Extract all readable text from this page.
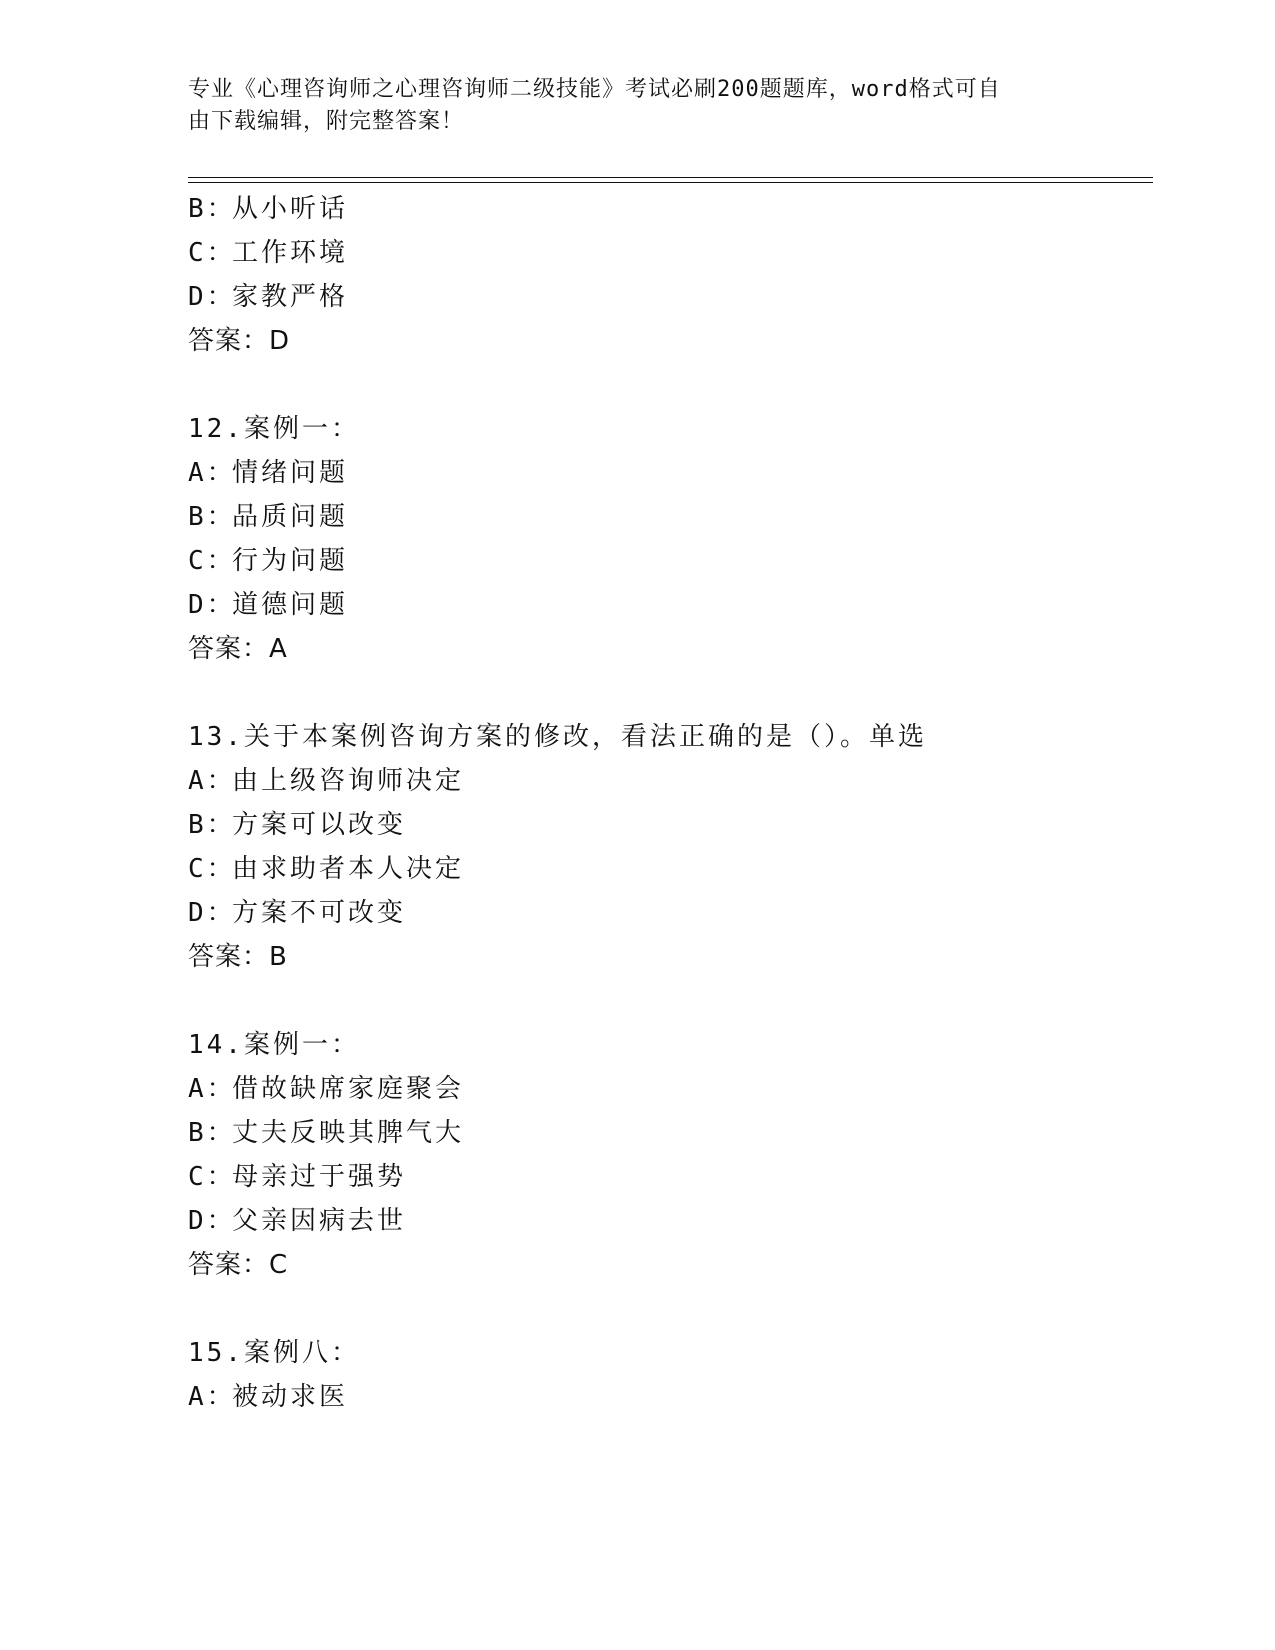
专业《心理咨询师之心理咨询师二级技能》考试必刷200题题库，word格式可自
由下载编辑，附完整答案！
B：从小听话
C：工作环境
D：家教严格
答案：D
12.案例一：
A：情绪问题
B：品质问题
C：行为问题
D：道德问题
答案：A
13.关于本案例咨询方案的修改，看法正确的是（）。单选
A：由上级咨询师决定
B：方案可以改变
C：由求助者本人决定
D：方案不可改变
答案：B
14.案例一：
A：借故缺席家庭聚会
B：丈夫反映其脾气大
C：母亲过于强势
D：父亲因病去世
答案：C
15.案例八：
A：被动求医
